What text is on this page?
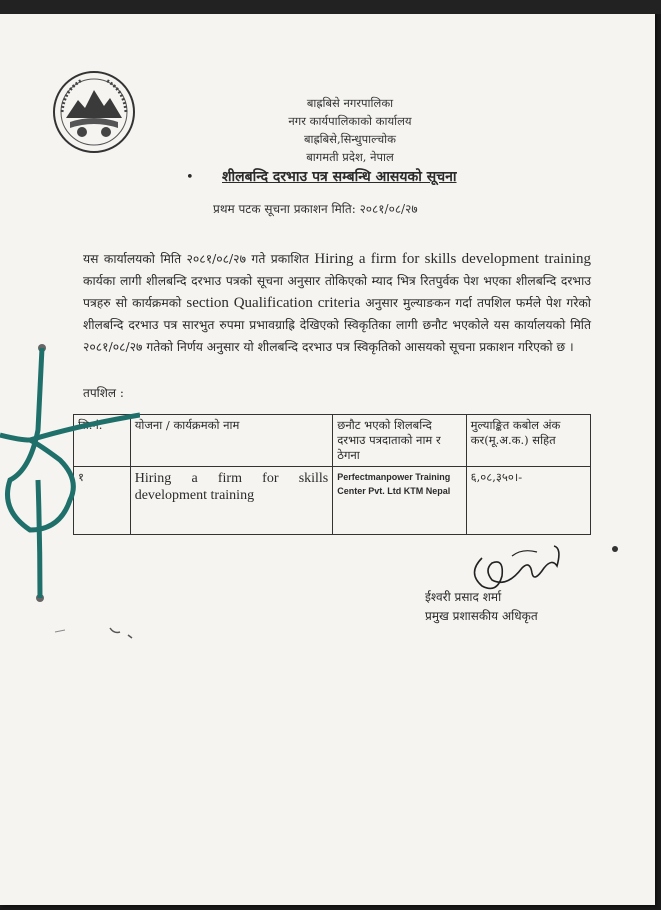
बाह्रबिसे नगरपालिका
नगर कार्यपालिकाको कार्यालय
बाह्रबिसे,सिन्धुपाल्चोक
बागमती प्रदेश, नेपाल
• शीलबन्दि दरभाउ पत्र सम्बन्धि आसयको सूचना
प्रथम पटक सूचना प्रकाशन मिति: २०८१/०८/२७
यस कार्यालयको मिति २०८१/०८/२७ गते प्रकाशित Hiring a firm for skills development training कार्यका लागी शीलबन्दि दरभाउ पत्रको सूचना अनुसार तोकिएको म्याद भित्र रितपुर्वक पेश भएका शीलबन्दि दरभाउ पत्रहरु सो कार्यक्रमको section Qualification criteria अनुसार मुल्याङकन गर्दा तपशिल फर्मले पेश गरेको शीलबन्दि दरभाउ पत्र सारभुत रुपमा प्रभावग्राह्रि देखिएको स्विकृतिका लागी छनौट भएकोले यस कार्यालयको मिति २०८१/०८/२७ गतेको निर्णय अनुसार यो शीलबन्दि दरभाउ पत्र स्विकृतिको आसयको सूचना प्रकाशन गरिएको छ ।
तपशिल :
सि.नं.	योजना / कार्यक्रमको नाम	छनौट भएको शिलबन्दि दरभाउ पत्रदाताको नाम र ठेगना	मुल्याङ्कित कबोल अंक कर(मू.अ.क.) सहित
१	Hiring a firm for skills development training	Perfectmanpower Training Center Pvt. Ltd KTM Nepal	६,०८,३५०।-
ईश्वरी प्रसाद शर्मा
प्रमुख प्रशासकीय अधिकृत
